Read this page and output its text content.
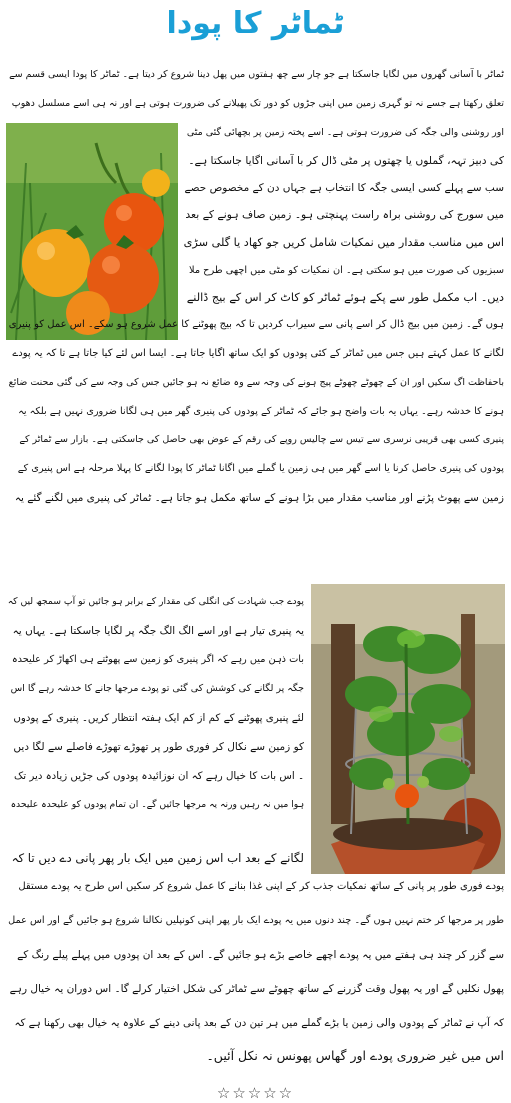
ٹماٹر کا پودا
ٹماٹر با آسانی گھروں میں لگایا جاسکتا ہے جو چار سے چھ ہفتوں میں پھل دینا شروع کر دیتا ہے۔ ٹماٹر کا پودا ایسی قسم سے
تعلق رکھتا ہے جسے نہ تو گہری زمین میں اپنی جڑوں کو دور تک پھیلانے کی ضرورت ہوتی ہے اور نہ ہی اسے مسلسل دھوپ
اور روشنی والی جگہ کی ضرورت ہوتی ہے۔ اسے پختہ زمین پر بچھائی گئی مٹی
کی دبیز تہہ، گملوں یا چھتوں پر مٹی ڈال کر با آسانی اگایا جاسکتا ہے۔
سب سے پہلے کسی ایسی جگہ کا انتخاب ہے جہاں دن کے مخصوص حصے
میں سورج کی روشنی براہ راست پہنچتی ہو۔ زمین صاف ہونے کے بعد
اس میں مناسب مقدار میں نمکیات شامل کریں جو کھاد یا گلی سڑی
سبزیوں کی صورت میں ہو سکتی ہے۔ ان نمکیات کو مٹی میں اچھی طرح ملا
دیں۔ اب مکمل طور سے پکے ہوئے ٹماٹر کو کاٹ کر اس کے بیج ڈالنے
ہوں گے۔ زمین میں بیج ڈال کر اسے پانی سے سیراب کردیں تا کہ بیج پھوٹنے کا عمل شروع ہو سکے۔ اس عمل کو پنیری
لگانے کا عمل کہتے ہیں جس میں ٹماٹر کے کئی پودوں کو ایک ساتھ اگایا جاتا ہے۔ ایسا اس لئے کیا جاتا ہے تا کہ یہ پودے
باحفاظت اگ سکیں اور ان کے چھوٹے چھوٹے پیج ہونے کی وجہ سے وہ ضائع نہ ہو جائیں جس کی وجہ سے کی گئی محنت ضائع
ہونے کا خدشہ رہے۔ یہاں یہ بات واضح ہو جائے کہ ٹماٹر کے پودوں کی پنیری گھر میں ہی لگانا ضروری نہیں ہے بلکہ یہ
پنیری کسی بھی قریبی نرسری سے تیس سے چالیس روپے کی رقم کے عوض بھی حاصل کی جاسکتی ہے۔ بازار سے ٹماٹر کے
پودوں کی پنیری حاصل کرنا یا اسے گھر میں ہی زمین یا گملے میں اگانا ٹماٹر کا پودا لگانے کا پہلا مرحلہ ہے اس پنیری کے
زمین سے پھوٹ پڑنے اور مناسب مقدار میں بڑا ہونے کے ساتھ مکمل ہو جاتا ہے۔ ٹماٹر کی پنیری میں لگنے گئے یہ
پودے جب شہادت کی انگلی کی مقدار کے برابر ہو جائیں تو آپ سمجھ لیں کہ
یہ پنیری تیار ہے اور اسے الگ الگ جگہ پر لگایا جاسکتا ہے۔ یہاں یہ
بات ذہن میں رہے کہ اگر پنیری کو زمین سے پھوٹتے ہی اکھاڑ کر علیحدہ
جگہ پر لگانے کی کوشش کی گئی تو پودے مرجھا جانے کا خدشہ رہے گا اس
لئے پنیری پھوٹنے کے کم از کم ایک ہفتہ انتظار کریں۔ پنیری کے پودوں
کو زمین سے نکال کر فوری طور پر تھوڑے تھوڑے فاصلے سے لگا دیں
۔ اس بات کا خیال رہے کہ ان نوزائیدہ پودوں کی جڑیں زیادہ دیر تک
ہوا میں نہ رہیں ورنہ یہ مرجھا جائیں گے۔ ان تمام پودوں کو علیحدہ علیحدہ
لگانے کے بعد اب اس زمین میں ایک بار پھر پانی دے دیں تا کہ
پودے فوری طور پر پانی کے ساتھ نمکیات جذب کر کے اپنی غذا بنانے کا عمل شروع کر سکیں اس طرح یہ پودے مستقل
طور پر مرجھا کر ختم نہیں ہوں گے۔ چند دنوں میں یہ پودے ایک بار پھر اپنی کونپلیں نکالنا شروع ہو جائیں گے اور اس عمل
سے گزر کر چند ہی ہفتے میں یہ پودے اچھے خاصے بڑے ہو جائیں گے۔ اس کے بعد ان پودوں میں پہلے پیلے رنگ کے
پھول نکلیں گے اور یہ پھول وقت گزرنے کے ساتھ چھوٹے سے ٹماٹر کی شکل اختیار کرلے گا۔ اس دوران یہ خیال رہے
کہ آپ نے ٹماٹر کے پودوں والی زمین یا بڑے گملے میں ہر تین دن کے بعد پانی دینے کے علاوہ یہ خیال بھی رکھنا ہے کہ
اس میں غیر ضروری پودے اور گھاس پھونس نہ نکل آئیں۔
☆☆☆☆☆
